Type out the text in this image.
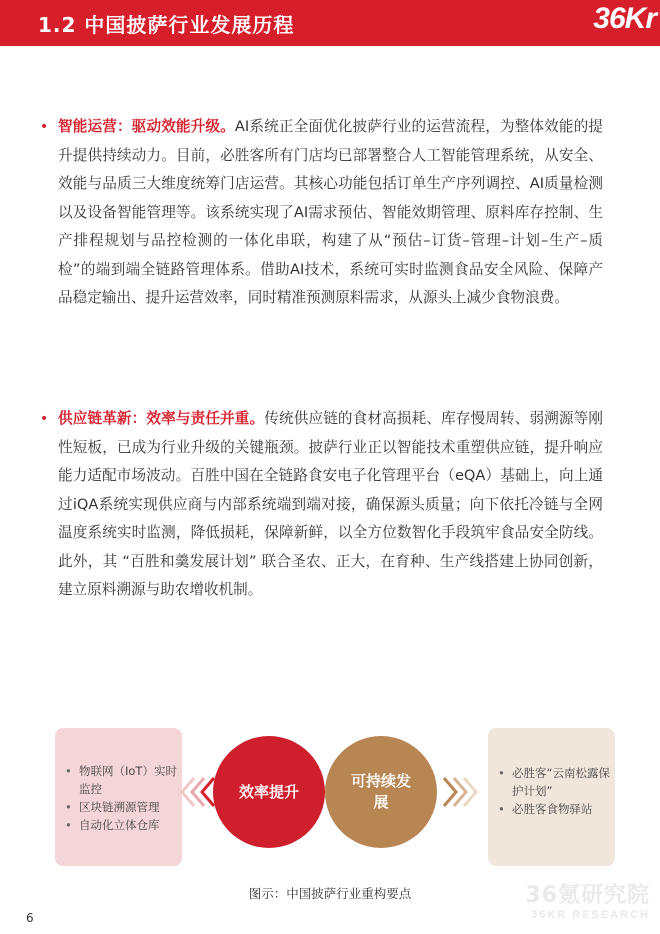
1.2 中国披萨行业发展历程	36Kr
• 智能运营：驱动效能升级。AI系统正全面优化披萨行业的运营流程，为整体效能的提升提供持续动力。目前，必胜客所有门店均已部署整合人工智能管理系统，从安全、效能与品质三大维度统筹门店运营。其核心功能包括订单生产序列调控、AI质量检测以及设备智能管理等。该系统实现了AI需求预估、智能效期管理、原料库存控制、生产排程规划与品控检测的一体化串联，构建了从“预估–订货–管理–计划–生产–质检”的端到端全链路管理体系。借助AI技术，系统可实时监测食品安全风险、保障产品稳定输出、提升运营效率，同时精准预测原料需求，从源头上减少食物浪费。
• 供应链革新：效率与责任并重。传统供应链的食材高损耗、库存慢周转、弱溯源等刚性短板，已成为行业升级的关键瓶颈。披萨行业正以智能技术重塑供应链，提升响应能力适配市场波动。百胜中国在全链路食安电子化管理平台（eQA）基础上，向上通过iQA系统实现供应商与内部系统端到端对接，确保源头质量；向下依托冷链与全网温度系统实时监测，降低损耗，保障新鲜，以全方位数智化手段筑牢食品安全防线。此外，其 “百胜和羹发展计划” 联合圣农、正大，在育种、生产线搭建上协同创新，建立原料溯源与助农增收机制。
• 物联网（IoT）实时监控
• 区块链溯源管理
• 自动化立体仓库
效率提升
可持续发展
• 必胜客“云南松露保护计划”
• 必胜客食物驿站
图示：中国披萨行业重构要点	36氪研究院
36KR RESEARCH
6
